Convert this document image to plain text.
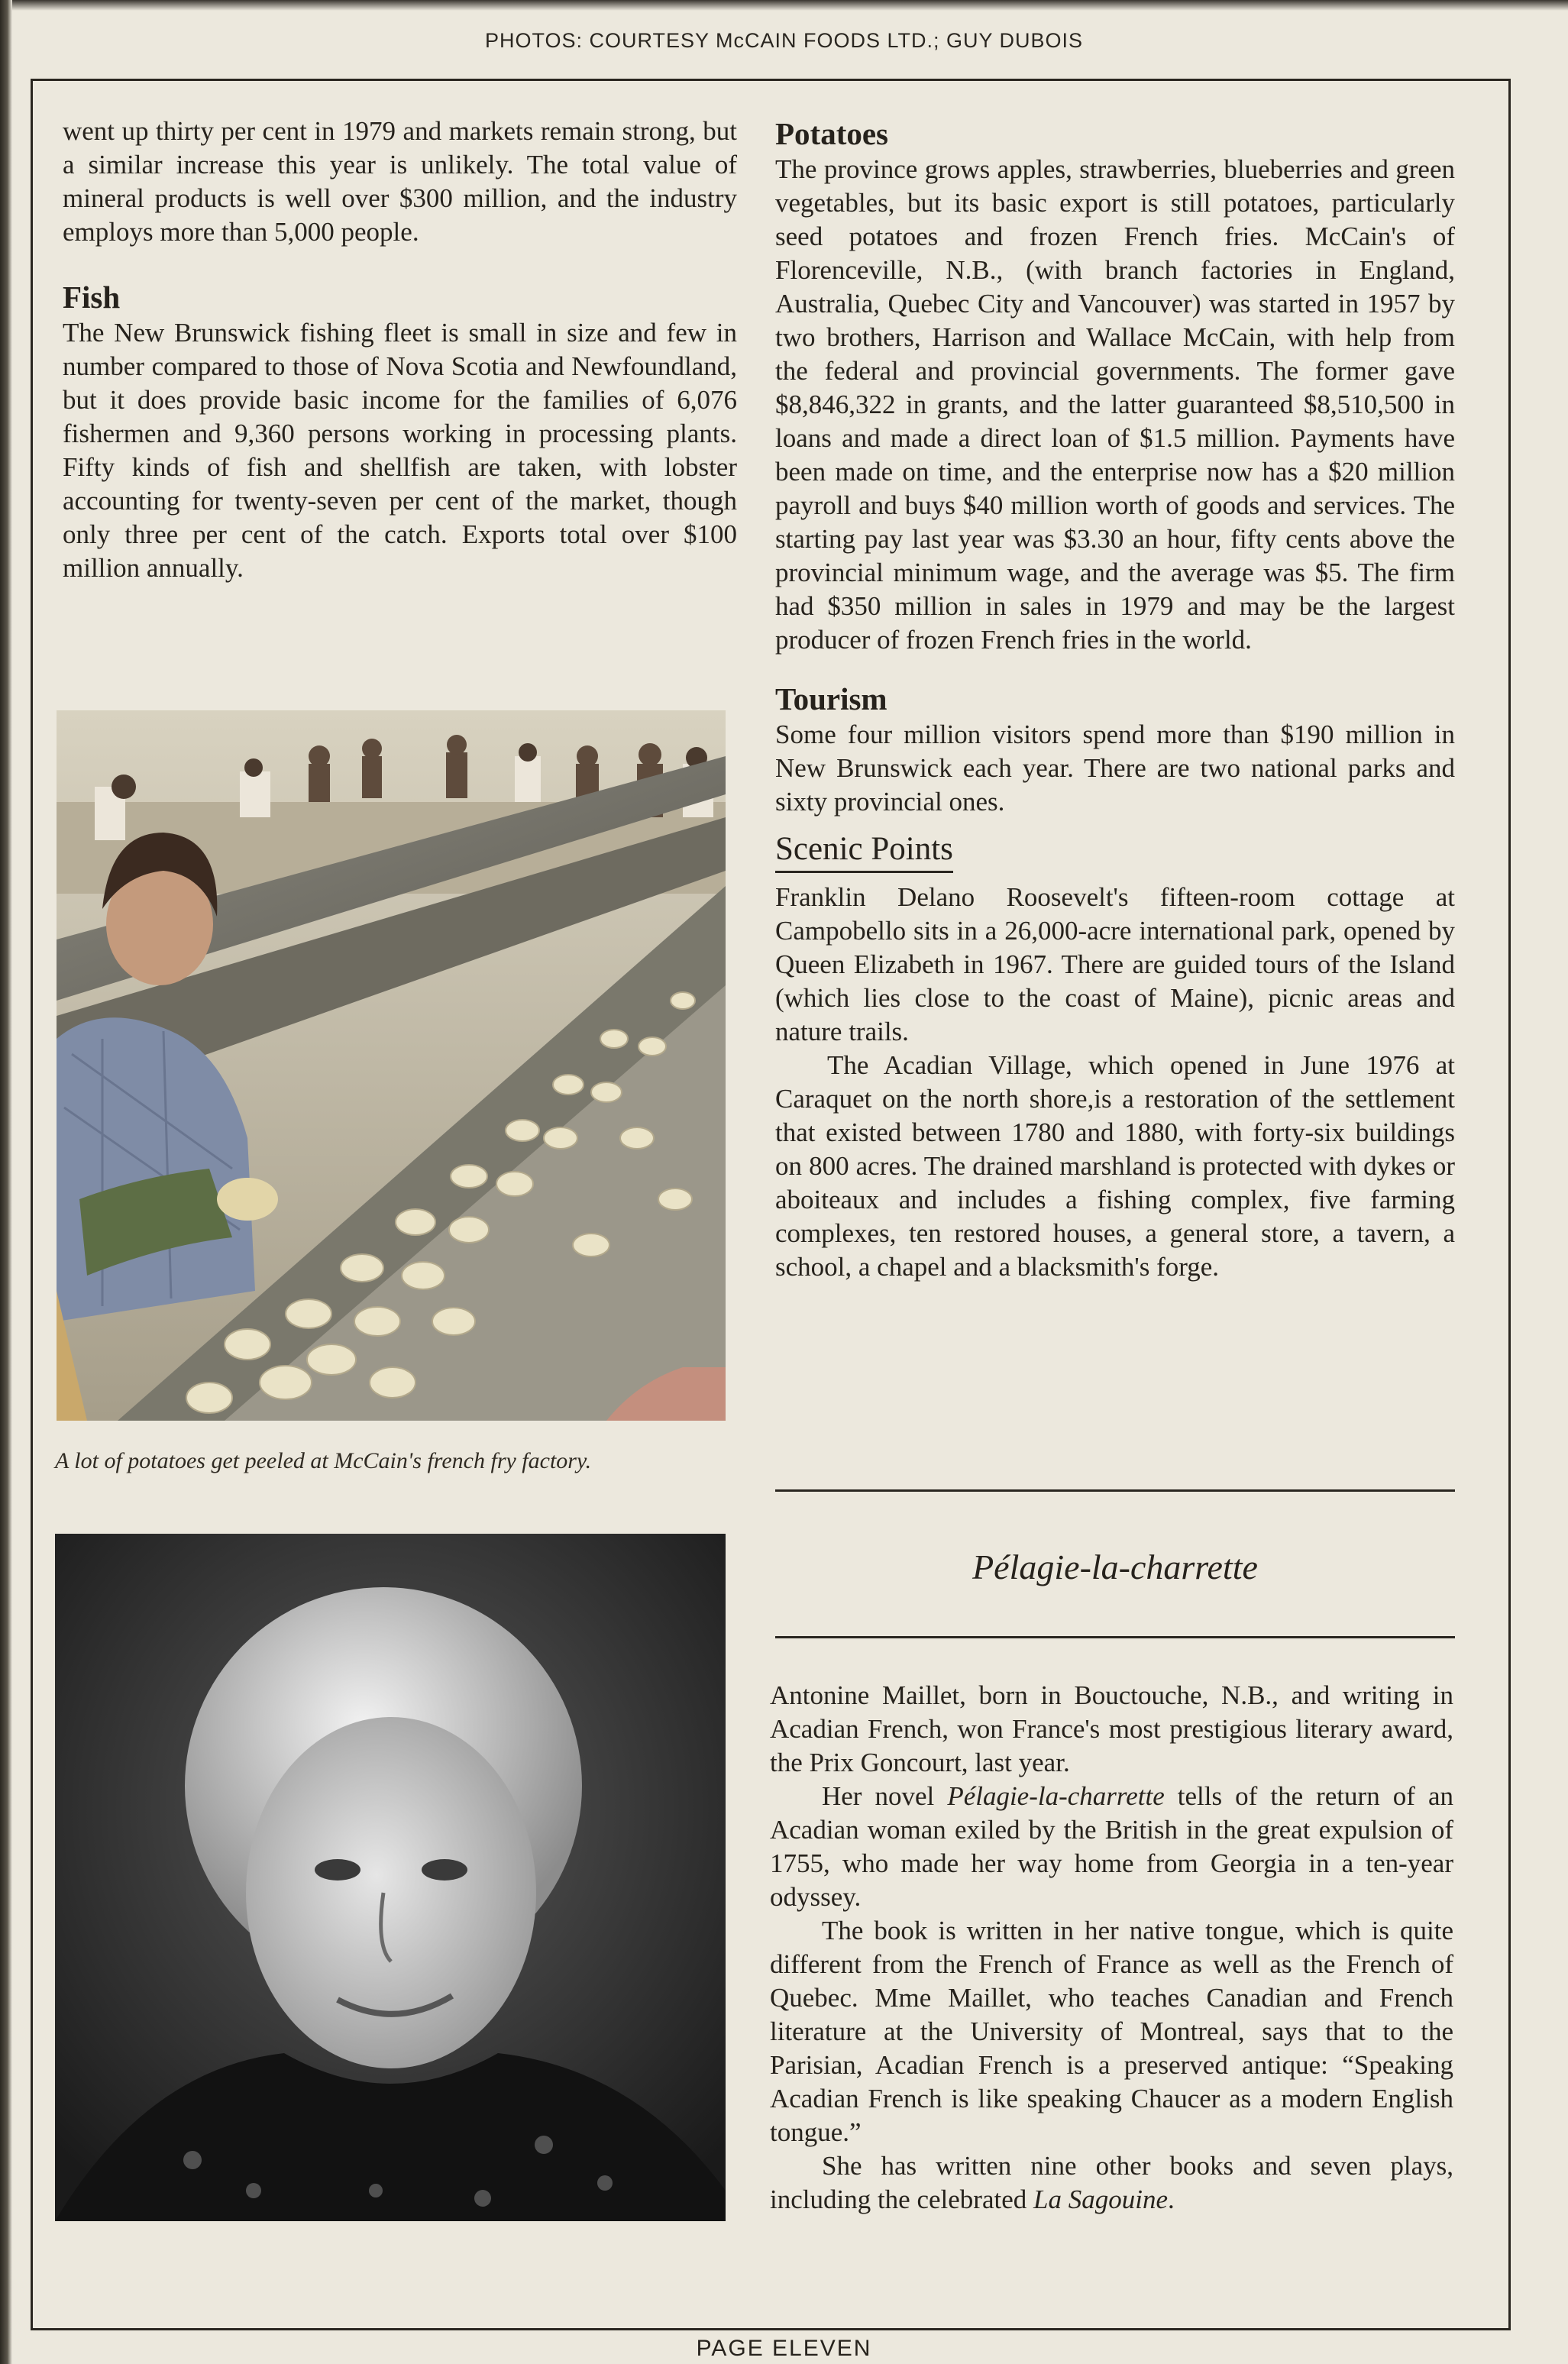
PHOTOS: COURTESY McCAIN FOODS LTD.; GUY DUBOIS

went up thirty per cent in 1979 and markets remain strong, but a similar increase this year is unlikely. The total value of mineral products is well over $300 million, and the industry employs more than 5,000 people.

Fish

The New Brunswick fishing fleet is small in size and few in number compared to those of Nova Scotia and Newfoundland, but it does provide basic income for the families of 6,076 fishermen and 9,360 persons working in processing plants. Fifty kinds of fish and shellfish are taken, with lobster accounting for twenty-seven per cent of the market, though only three per cent of the catch. Exports total over $100 million annually.

A lot of potatoes get peeled at McCain's french fry factory.
Potatoes

The province grows apples, strawberries, blueberries and green vegetables, but its basic export is still potatoes, particularly seed potatoes and frozen French fries. McCain's of Florenceville, N.B., (with branch factories in England, Australia, Quebec City and Vancouver) was started in 1957 by two brothers, Harrison and Wallace McCain, with help from the federal and provincial governments. The former gave $8,846,322 in grants, and the latter guaranteed $8,510,500 in loans and made a direct loan of $1.5 million. Payments have been made on time, and the enterprise now has a $20 million payroll and buys $40 million worth of goods and services. The starting pay last year was $3.30 an hour, fifty cents above the provincial minimum wage, and the average was $5. The firm had $350 million in sales in 1979 and may be the largest producer of frozen French fries in the world.

Tourism

Some four million visitors spend more than $190 million in New Brunswick each year. There are two national parks and sixty provincial ones.

Scenic Points

Franklin Delano Roosevelt's fifteen-room cottage at Campobello sits in a 26,000-acre international park, opened by Queen Elizabeth in 1967. There are guided tours of the Island (which lies close to the coast of Maine), picnic areas and nature trails.

The Acadian Village, which opened in June 1976 at Caraquet on the north shore,is a restoration of the settlement that existed between 1780 and 1880, with forty-six buildings on 800 acres. The drained marshland is protected with dykes or aboiteaux and includes a fishing complex, five farming complexes, ten restored houses, a general store, a tavern, a school, a chapel and a blacksmith's forge.

Pélagie-la-charrette

Antonine Maillet, born in Bouctouche, N.B., and writing in Acadian French, won France's most prestigious literary award, the Prix Goncourt, last year.

Her novel Pélagie-la-charrette tells of the return of an Acadian woman exiled by the British in the great expulsion of 1755, who made her way home from Georgia in a ten-year odyssey.

The book is written in her native tongue, which is quite different from the French of France as well as the French of Quebec. Mme Maillet, who teaches Canadian and French literature at the University of Montreal, says that to the Parisian, Acadian French is a preserved antique: “Speaking Acadian French is like speaking Chaucer as a modern English tongue.”

She has written nine other books and seven plays, including the celebrated La Sagouine.

PAGE ELEVEN
